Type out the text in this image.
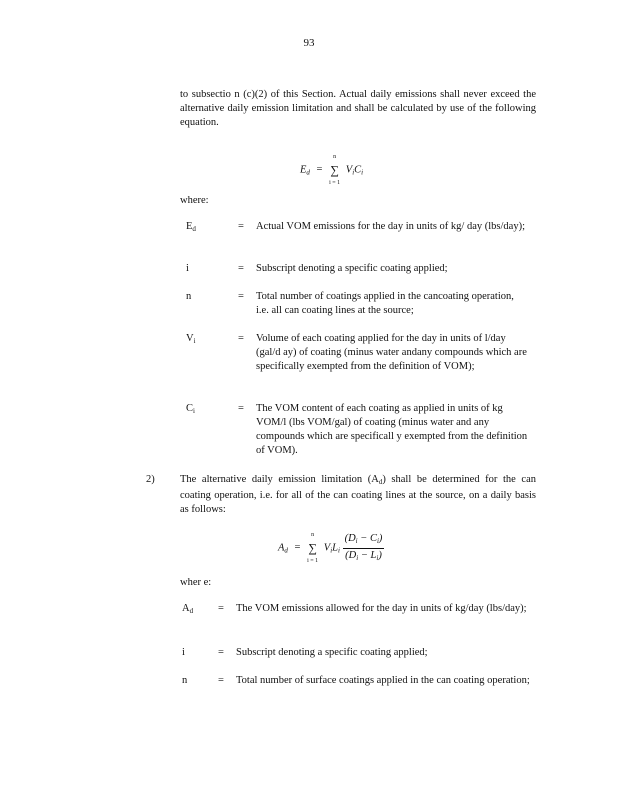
93
to subsectio n (c)(2) of this Section. Actual daily emissions shall never exceed the alternative daily emission limitation and shall be calculated by use of the following equation.
$E_d$ =
n
∑
i = 1
$V_iC_i$
where:
$E_d$	=	Actual VOM emissions for the day in units of kg/ day (lbs/day);
i	=	Subscript denoting a specific coating applied;
n	=	Total number of coatings applied in the cancoating operation, i.e. all can coating lines at the source;
$V_i$	=	Volume of each coating applied for the day in units of l/day (gal/d ay) of coating (minus water andany compounds which are specifically exempted from the definition of VOM);
$C_i$	=	The VOM content of each coating as applied in units of kg VOM/l (lbs VOM/gal) of coating (minus water and any compounds which are specificall y exempted from the definition of VOM).
2) The alternative daily emission limitation $(A_d)$ shall be determined for the can coating operation, i.e. for all of the can coating lines at the source, on a daily basis as follows:
$A_d$ =
n
∑
i = 1
$V_iL_i \frac{(D_i - C_i)}{(D_i - L_i)}$
wher e:
$A_d$	=	The VOM emissions allowed for the day in units of kg/day (lbs/day);
i	=	Subscript denoting a specific coating applied;
n	=	Total number of surface coatings applied in the can coating operation;
